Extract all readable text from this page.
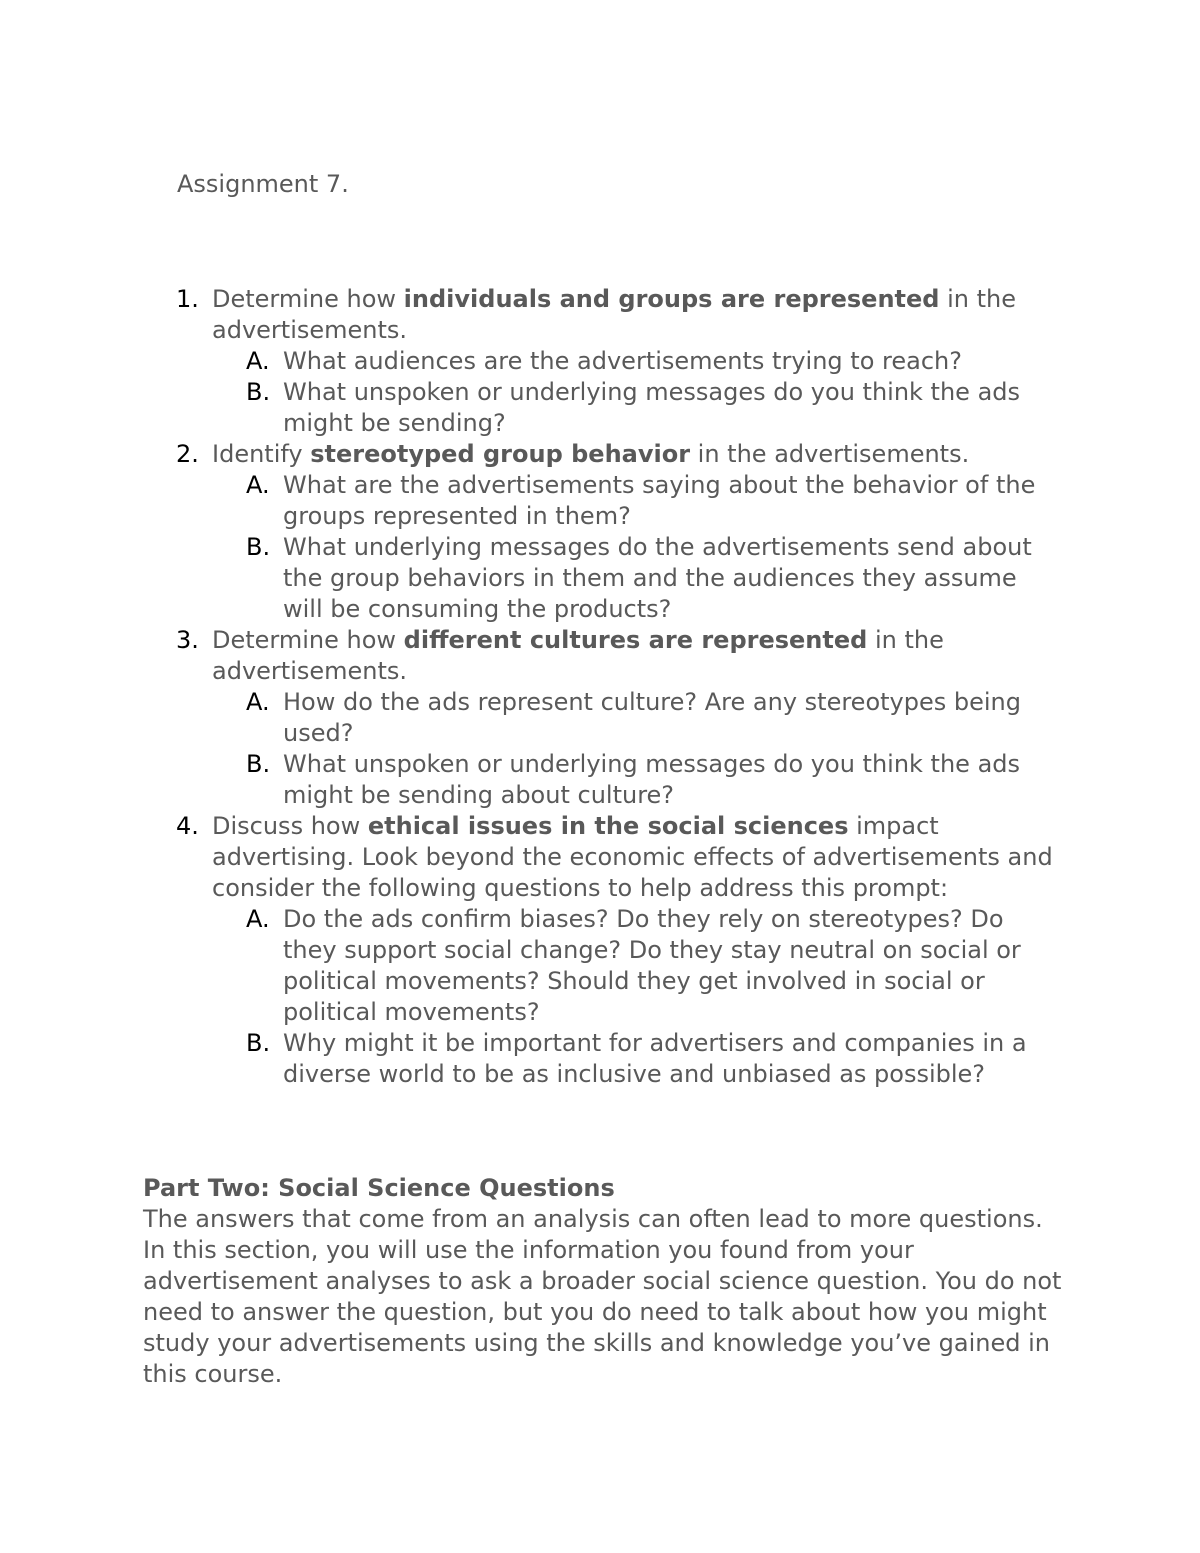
Assignment 7.
1. Determine how individuals and groups are represented in the advertisements.
A. What audiences are the advertisements trying to reach?
B. What unspoken or underlying messages do you think the ads might be sending?
2. Identify stereotyped group behavior in the advertisements.
A. What are the advertisements saying about the behavior of the groups represented in them?
B. What underlying messages do the advertisements send about the group behaviors in them and the audiences they assume will be consuming the products?
3. Determine how different cultures are represented in the advertisements.
A. How do the ads represent culture? Are any stereotypes being used?
B. What unspoken or underlying messages do you think the ads might be sending about culture?
4. Discuss how ethical issues in the social sciences impact advertising. Look beyond the economic effects of advertisements and consider the following questions to help address this prompt:
A. Do the ads confirm biases? Do they rely on stereotypes? Do they support social change? Do they stay neutral on social or political movements? Should they get involved in social or political movements?
B. Why might it be important for advertisers and companies in a diverse world to be as inclusive and unbiased as possible?
Part Two: Social Science Questions
The answers that come from an analysis can often lead to more questions. In this section, you will use the information you found from your advertisement analyses to ask a broader social science question. You do not need to answer the question, but you do need to talk about how you might study your advertisements using the skills and knowledge you’ve gained in this course.
